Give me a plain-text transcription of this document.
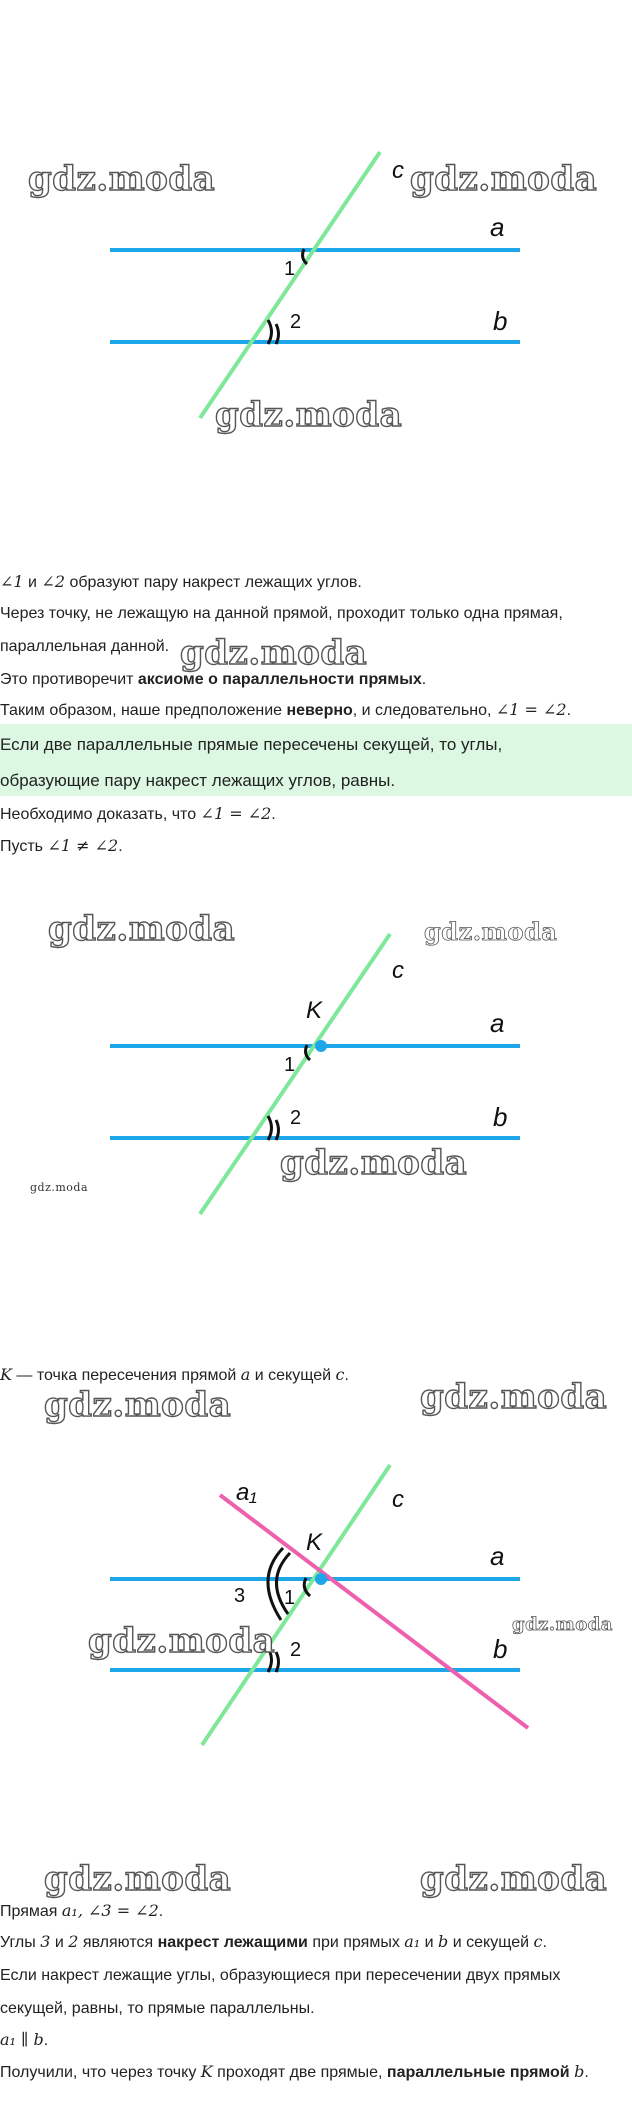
c
a
b
1
2
gdz.moda	gdz.moda
gdz.moda

∠1 и ∠2 образуют пару накрест лежащих углов.

Через точку, не лежащую на данной прямой, проходит только одна прямая,

параллельная данной. gdz.moda

Это противоречит аксиоме о параллельности прямых.

Таким образом, наше предположение неверно, и следовательно, ∠1 = ∠2.

Если две параллельные прямые пересечены секущей, то углы,

образующие пару накрест лежащих углов, равны.

Необходимо доказать, что ∠1 = ∠2.

Пусть ∠1 ≠ ∠2.

c
K	a
b
1
2
gdz.moda	gdz.moda
gdz.moda
gdz.moda

K — точка пересечения прямой a и секущей c.

a₁	c
K	a
b
3 1
2
gdz.moda	gdz.moda
gdz.moda	gdz.moda
gdz.moda	gdz.moda

Прямая a₁, ∠3 = ∠2.

Углы 3 и 2 являются накрест лежащими при прямых a₁ и b и секущей c.

Если накрест лежащие углы, образующиеся при пересечении двух прямых

секущей, равны, то прямые параллельны.

a₁ ∥ b.

Получили, что через точку K проходят две прямые, параллельные прямой b.
